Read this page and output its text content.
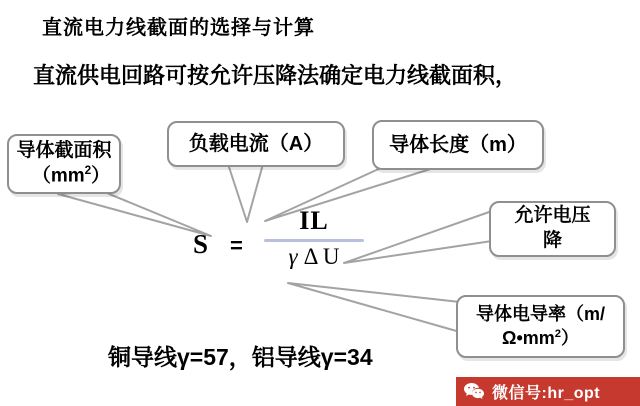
直流电力线截面的选择与计算
直流供电回路可按允许压降法确定电力线截面积，
导体截面积
$(mm^2)$
负载电流（A）	导体长度（m）
允许电压
降
导体电导率（m/
$\Omega•mm^2$）
S =
IL
γ Δ U
铜导线γ=57，铝导线γ=34
微信号:hr_opt
